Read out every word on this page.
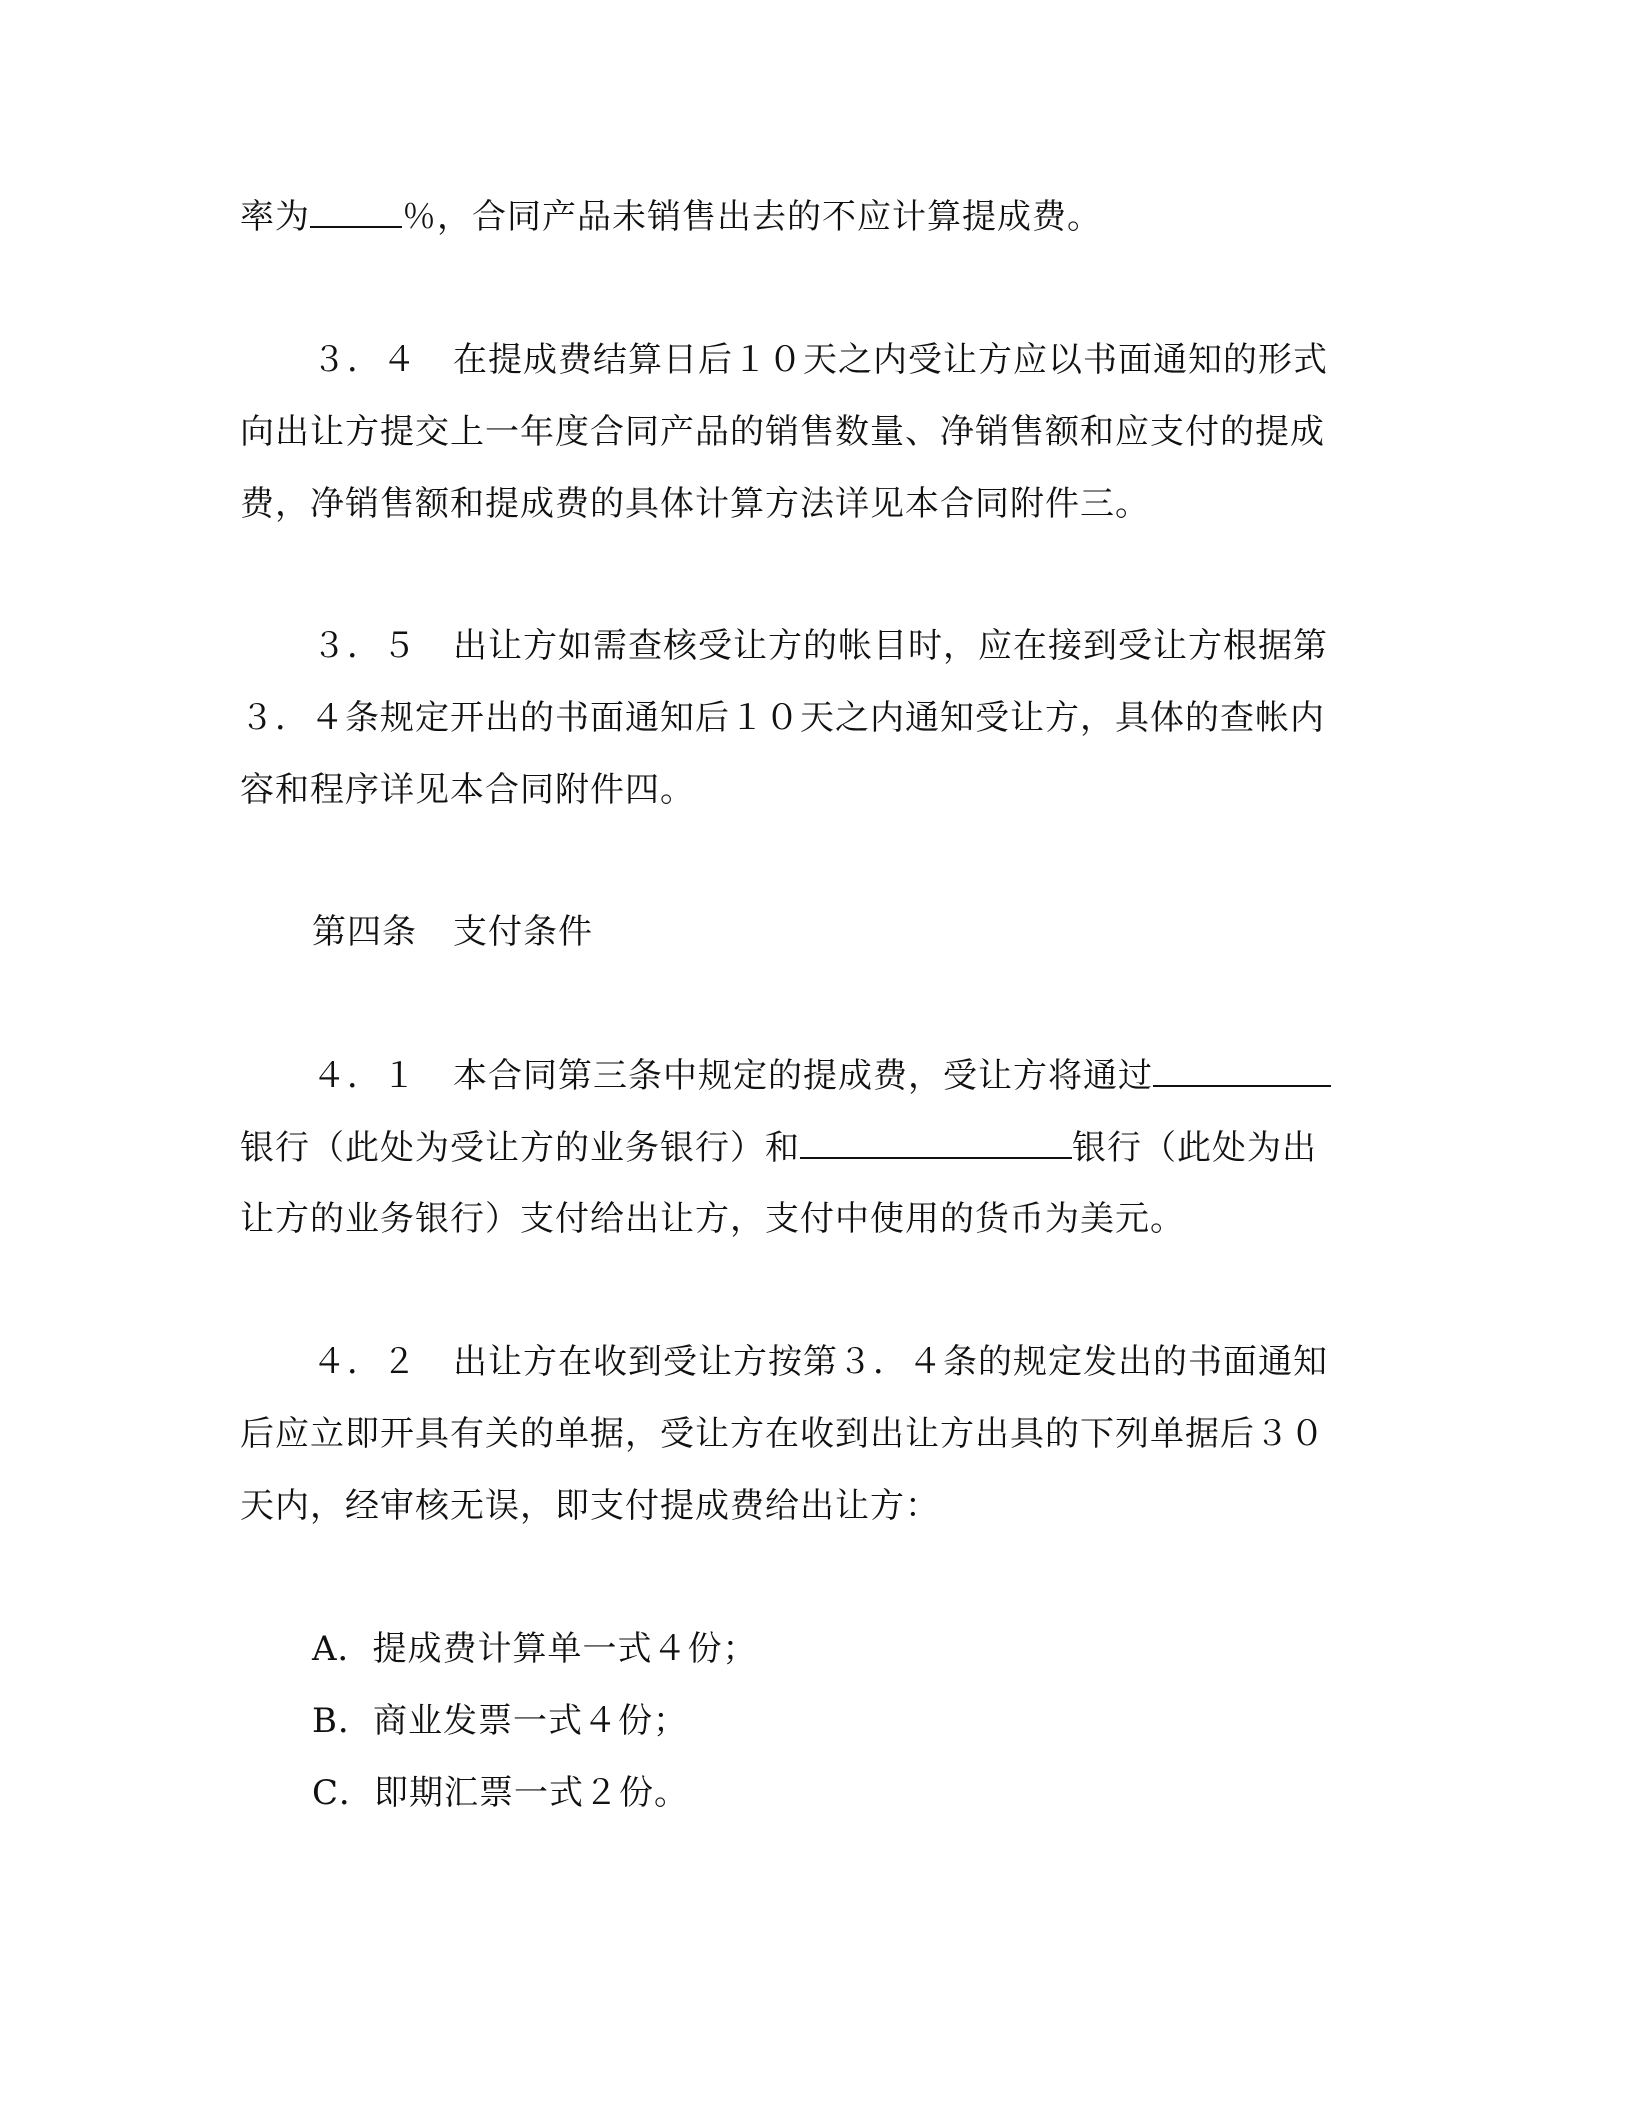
率为	％，合同产品未销售出去的不应计算提成费。
３．４ 在提成费结算日后１０天之内受让方应以书面通知的形式
向出让方提交上一年度合同产品的销售数量、净销售额和应支付的提成
费，净销售额和提成费的具体计算方法详见本合同附件三。
３．５ 出让方如需查核受让方的帐目时，应在接到受让方根据第
３．４条规定开出的书面通知后１０天之内通知受让方，具体的查帐内
容和程序详见本合同附件四。
第四条 支付条件
４．１ 本合同第三条中规定的提成费，受让方将通过
银行（此处为受让方的业务银行）和	银行（此处为出
让方的业务银行）支付给出让方，支付中使用的货币为美元。
４．２ 出让方在收到受让方按第３．４条的规定发出的书面通知
后应立即开具有关的单据，受让方在收到出让方出具的下列单据后３０
天内，经审核无误，即支付提成费给出让方：
A．提成费计算单一式４份；
B．商业发票一式４份；
C．即期汇票一式２份。
